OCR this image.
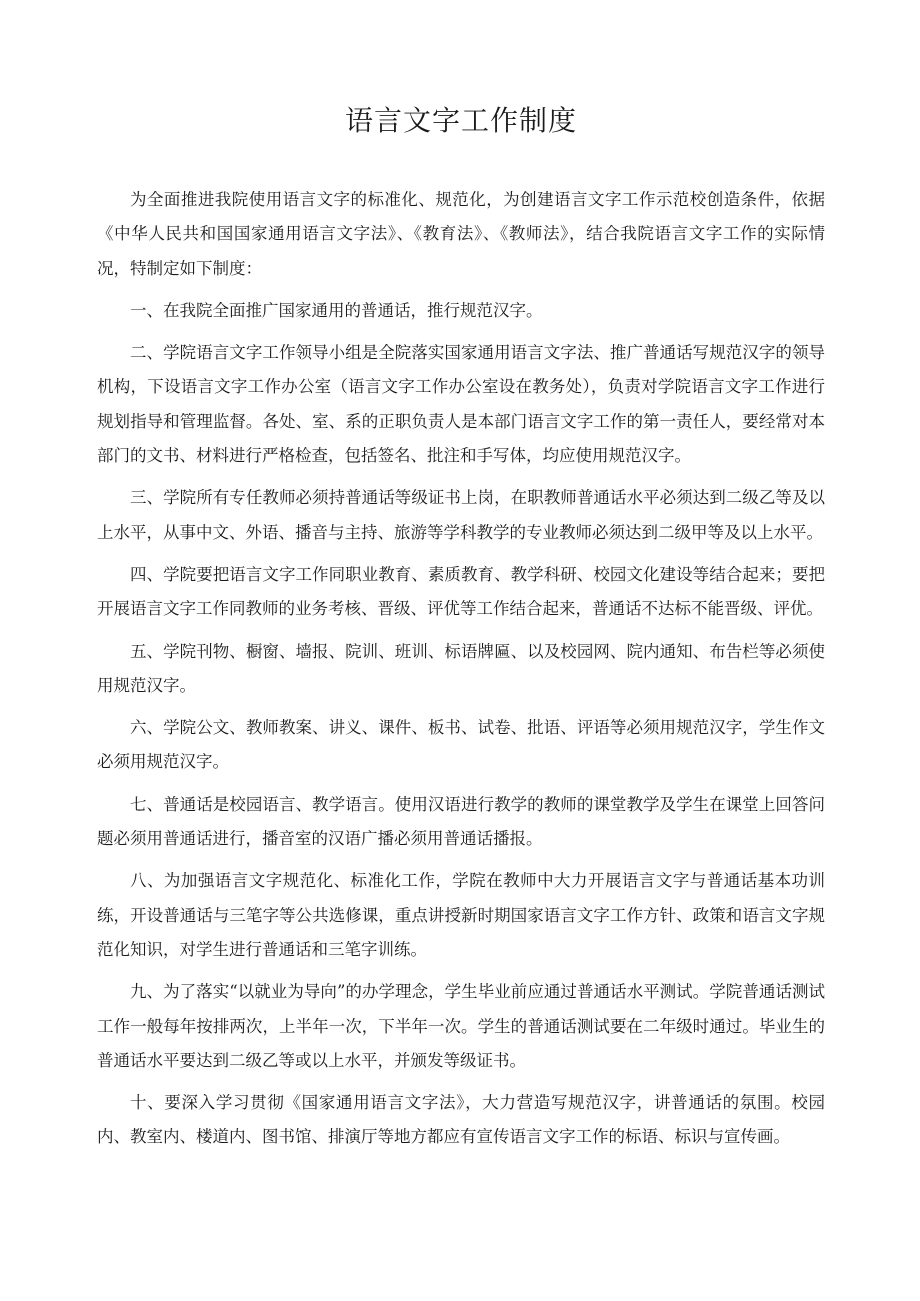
语言文字工作制度

为全面推进我院使用语言文字的标准化、规范化，为创建语言文字工作示范校创造条件，依据《中华人民共和国国家通用语言文字法》、《教育法》、《教师法》，结合我院语言文字工作的实际情况，特制定如下制度：

一、在我院全面推广国家通用的普通话，推行规范汉字。

二、学院语言文字工作领导小组是全院落实国家通用语言文字法、推广普通话写规范汉字的领导机构，下设语言文字工作办公室（语言文字工作办公室设在教务处），负责对学院语言文字工作进行规划指导和管理监督。各处、室、系的正职负责人是本部门语言文字工作的第一责任人，要经常对本部门的文书、材料进行严格检查，包括签名、批注和手写体，均应使用规范汉字。

三、学院所有专任教师必须持普通话等级证书上岗，在职教师普通话水平必须达到二级乙等及以上水平，从事中文、外语、播音与主持、旅游等学科教学的专业教师必须达到二级甲等及以上水平。

四、学院要把语言文字工作同职业教育、素质教育、教学科研、校园文化建设等结合起来；要把开展语言文字工作同教师的业务考核、晋级、评优等工作结合起来，普通话不达标不能晋级、评优。

五、学院刊物、橱窗、墙报、院训、班训、标语牌匾、以及校园网、院内通知、布告栏等必须使用规范汉字。

六、学院公文、教师教案、讲义、课件、板书、试卷、批语、评语等必须用规范汉字，学生作文必须用规范汉字。

七、普通话是校园语言、教学语言。使用汉语进行教学的教师的课堂教学及学生在课堂上回答问题必须用普通话进行，播音室的汉语广播必须用普通话播报。

八、为加强语言文字规范化、标准化工作，学院在教师中大力开展语言文字与普通话基本功训练，开设普通话与三笔字等公共选修课，重点讲授新时期国家语言文字工作方针、政策和语言文字规范化知识，对学生进行普通话和三笔字训练。

九、为了落实“以就业为导向”的办学理念，学生毕业前应通过普通话水平测试。学院普通话测试工作一般每年按排两次，上半年一次，下半年一次。学生的普通话测试要在二年级时通过。毕业生的普通话水平要达到二级乙等或以上水平，并颁发等级证书。

十、要深入学习贯彻《国家通用语言文字法》，大力营造写规范汉字，讲普通话的氛围。校园内、教室内、楼道内、图书馆、排演厅等地方都应有宣传语言文字工作的标语、标识与宣传画。
